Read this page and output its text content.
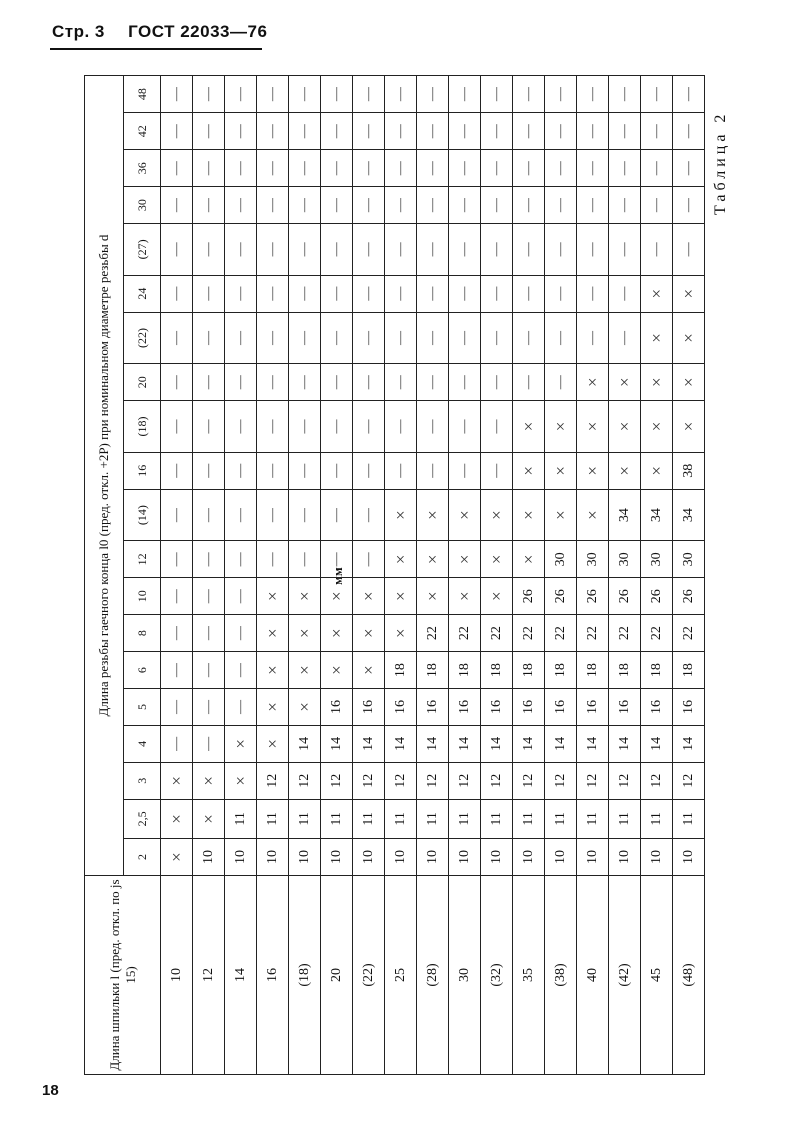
Стр. 3 ГОСТ 22033—76
Таблица 2
мм
Длина шпильки l (пред. откл. по js 15)	Длина резьбы гаечного конца l0 (пред. откл. +2P) при номинальном диаметре резьбы d																			
	2	2,5	3	4	5	6	8	10	12	(14)	16	(18)	20	(22)	24	(27)	30	36	42	48
10	×	×	×	—	—	—	—	—	—	—	—	—	—	—	—	—	—	—	—	—
12	10	×	×	—	—	—	—	—	—	—	—	—	—	—	—	—	—	—	—	—
14	10	11	×	×	—	—	—	—	—	—	—	—	—	—	—	—	—	—	—	—
16	10	11	12	×	×	×	×	×	—	—	—	—	—	—	—	—	—	—	—	—
(18)	10	11	12	14	×	×	×	×	—	—	—	—	—	—	—	—	—	—	—	—
20	10	11	12	14	16	×	×	×	—	—	—	—	—	—	—	—	—	—	—	—
(22)	10	11	12	14	16	×	×	×	—	—	—	—	—	—	—	—	—	—	—	—
25	10	11	12	14	16	18	×	×	×	×	—	—	—	—	—	—	—	—	—	—
(28)	10	11	12	14	16	18	22	×	×	×	—	—	—	—	—	—	—	—	—	—
30	10	11	12	14	16	18	22	×	×	×	—	—	—	—	—	—	—	—	—	—
(32)	10	11	12	14	16	18	22	×	×	×	—	—	—	—	—	—	—	—	—	—
35	10	11	12	14	16	18	22	26	×	×	×	×	—	—	—	—	—	—	—	—
(38)	10	11	12	14	16	18	22	26	30	×	×	×	—	—	—	—	—	—	—	—
40	10	11	12	14	16	18	22	26	30	×	×	×	×	—	—	—	—	—	—	—
(42)	10	11	12	14	16	18	22	26	30	34	×	×	×	—	—	—	—	—	—	—
45	10	11	12	14	16	18	22	26	30	34	×	×	×	×	×	—	—	—	—	—
(48)	10	11	12	14	16	18	22	26	30	34	38	×	×	×	×	—	—	—	—	—
18
